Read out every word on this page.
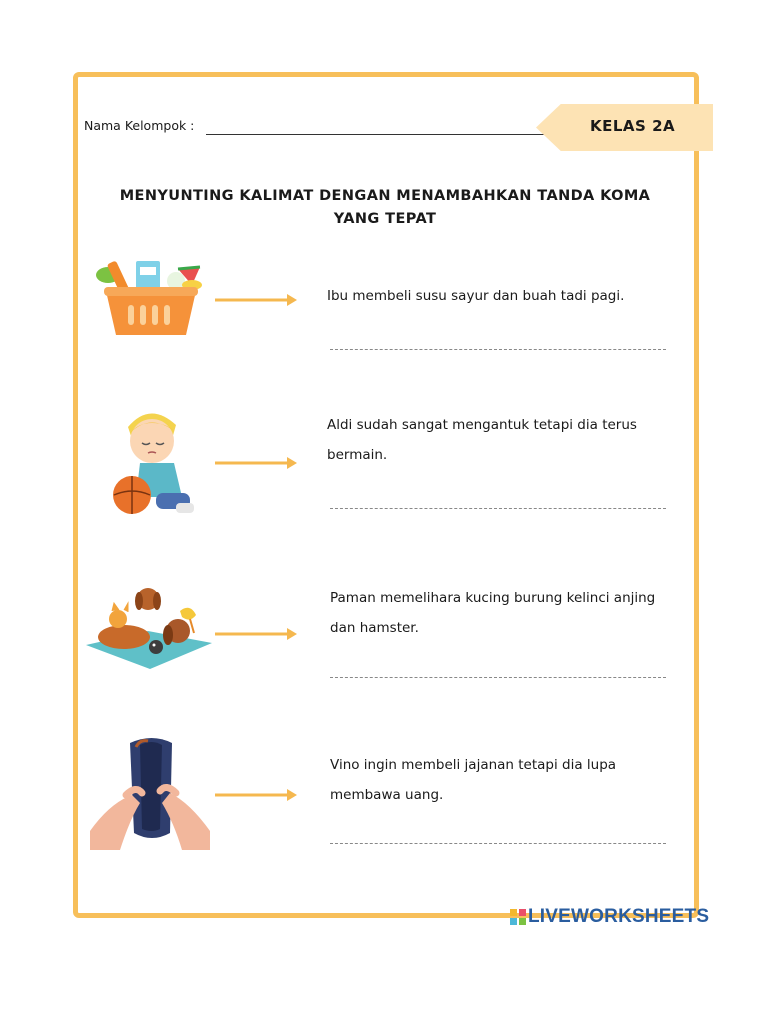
Nama Kelompok :	KELAS 2A
MENYUNTING KALIMAT DENGAN MENAMBAHKAN TANDA KOMA
YANG TEPAT
Ibu membeli susu sayur dan buah tadi pagi.
Aldi sudah sangat mengantuk tetapi dia terus bermain.
Paman memelihara kucing burung kelinci anjing dan hamster.
Vino ingin membeli jajanan tetapi dia lupa membawa uang.
LIVEWORKSHEETS
